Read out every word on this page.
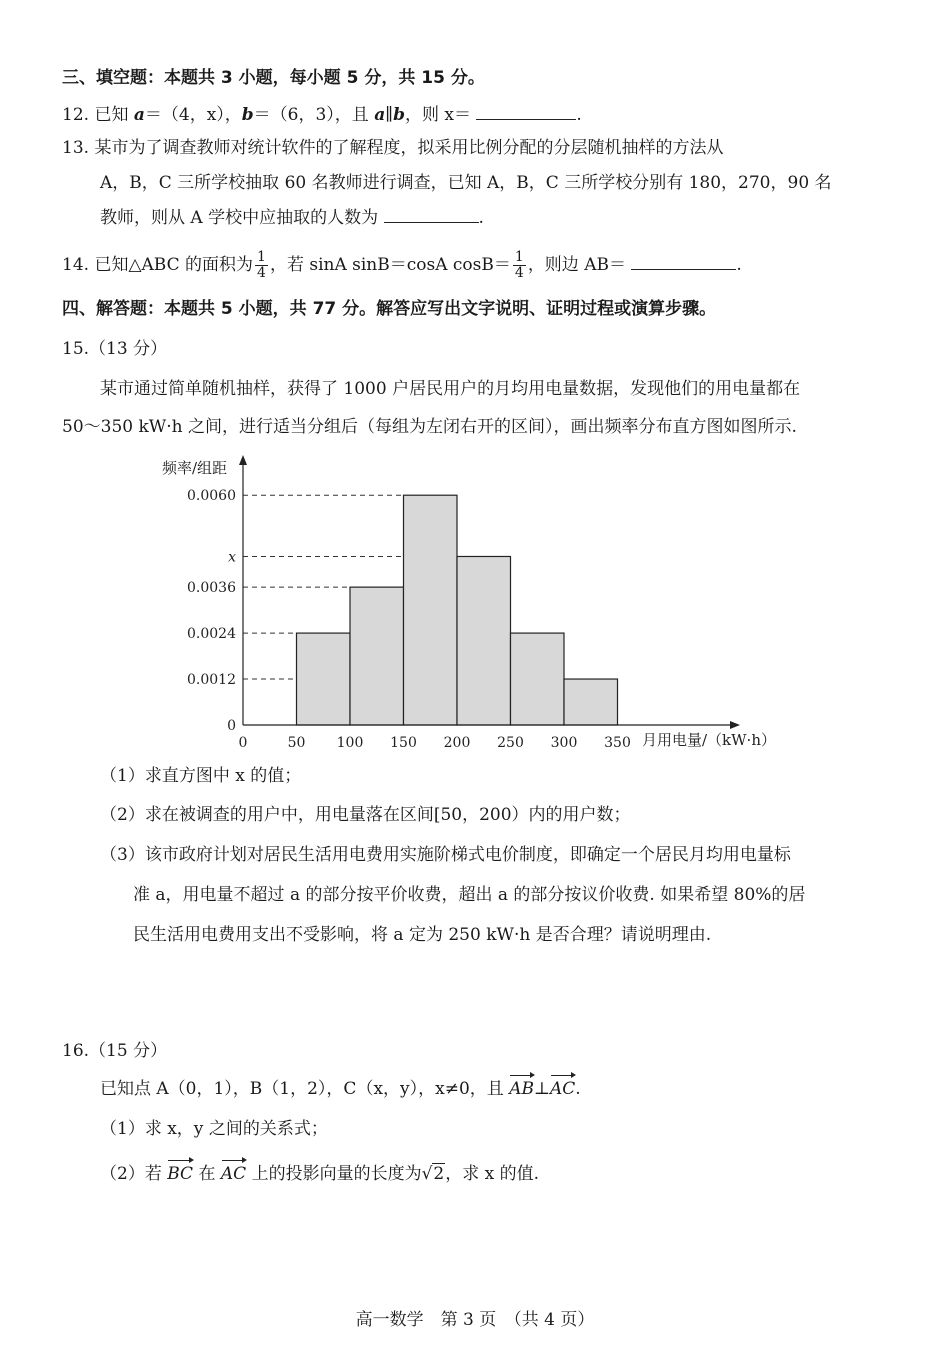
三、填空题：本题共 3 小题，每小题 5 分，共 15 分。
12. 已知 a＝（4，x），b＝（6，3），且 a∥b，则 x＝	.
13. 某市为了调查教师对统计软件的了解程度，拟采用比例分配的分层随机抽样的方法从
A，B，C 三所学校抽取 60 名教师进行调查，已知 A，B，C 三所学校分别有 180，270，90 名
教师，则从 A 学校中应抽取的人数为	.
14. 已知△ABC 的面积为 $\frac{1}{4}$ ，若 sinA sinB＝cosA $\cos B= \frac{1}{4}$ ，则边 AB＝	.
四、解答题：本题共 5 小题，共 77 分。解答应写出文字说明、证明过程或演算步骤。
15.（13 分）
某市通过简单随机抽样，获得了 1000 户居民用户的月均用电量数据，发现他们的用电量都在
50～350 kW·h 之间，进行适当分组后（每组为左闭右开的区间），画出频率分布直方图如图所示.
0
0.0012
0.0024
0.0036
x
0.0060
0	50 100 150 200 250 300 350
频率/组距
月用电量/（kW·h）
（1）求直方图中 x 的值；
（2）求在被调查的用户中，用电量落在区间[50，200）内的用户数；
（3）该市政府计划对居民生活用电费用实施阶梯式电价制度，即确定一个居民月均用电量标
准 a，用电量不超过 a 的部分按平价收费，超出 a 的部分按议价收费. 如果希望 80%的居
民生活用电费用支出不受影响，将 a 定为 250 kW·h 是否合理？请说明理由.
16.（15 分）
已知点 A（0，1），B（1，2），C（x，y），x≠0，且 AB⊥AC.
（1）求 x，y 之间的关系式；
（2）若 BC 在 AC 上的投影向量的长度为√2，求 x 的值.
高一数学　第 3 页　（共 4 页）
